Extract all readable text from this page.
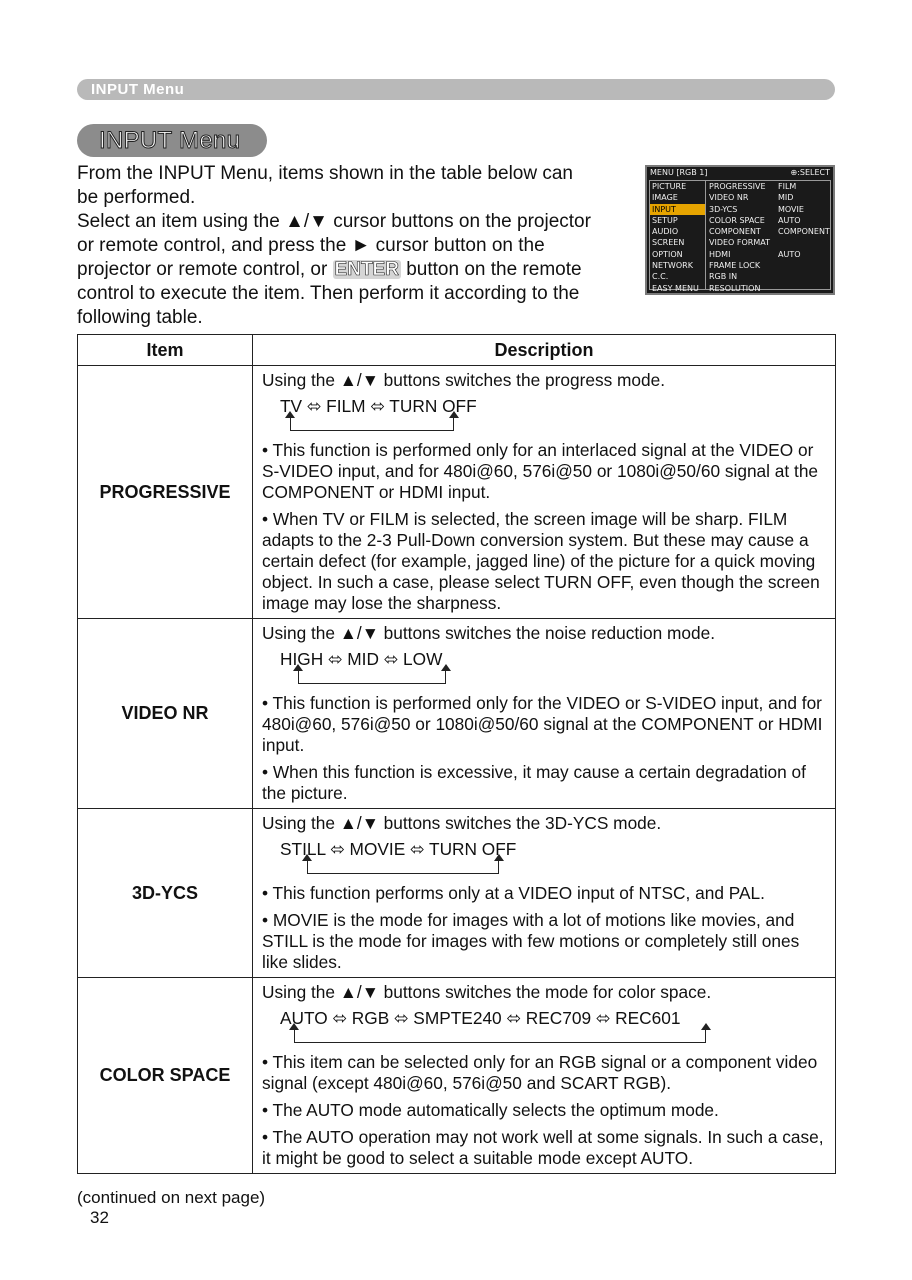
INPUT Menu
INPUT Menu
From the INPUT Menu, items shown in the table below can be performed.
Select an item using the ▲/▼ cursor buttons on the projector or remote control, and press the ► cursor button on the projector or remote control, or ENTER button on the remote control to execute the item. Then perform it according to the following table.
MENU [RGB 1]	⊕:SELECT
PICTURE
IMAGE
INPUT
SETUP
AUDIO
SCREEN
OPTION
NETWORK
C.C.
EASY MENU
PROGRESSIVE FILM
VIDEO NR	MID
3D-YCS	MOVIE
COLOR SPACE AUTO
COMPONENT COMPONENT
VIDEO FORMAT
HDMI	AUTO
FRAME LOCK
RGB IN
RESOLUTION
Item	Description
PROGRESSIVE	Using the ▲/▼ buttons switches the progress mode.

TV ⬄ FILM ⬄ TURN OFF

• This function is performed only for an interlaced signal at the VIDEO or S-VIDEO input, and for 480i@60, 576i@50 or 1080i@50/60 signal at the COMPONENT or HDMI input.

• When TV or FILM is selected, the screen image will be sharp. FILM adapts to the 2-3 Pull-Down conversion system. But these may cause a certain defect (for example, jagged line) of the picture for a quick moving object. In such a case, please select TURN OFF, even though the screen image may lose the sharpness.

VIDEO NR	Using the ▲/▼ buttons switches the noise reduction mode.

HIGH ⬄ MID ⬄ LOW

• This function is performed only for the VIDEO or S-VIDEO input, and for 480i@60, 576i@50 or 1080i@50/60 signal at the COMPONENT or HDMI input.

• When this function is excessive, it may cause a certain degradation of the picture.

3D-YCS	Using the ▲/▼ buttons switches the 3D-YCS mode.

STILL ⬄ MOVIE ⬄ TURN OFF

• This function performs only at a VIDEO input of NTSC, and PAL.

• MOVIE is the mode for images with a lot of motions like movies, and STILL is the mode for images with few motions or completely still ones like slides.

COLOR SPACE	Using the ▲/▼ buttons switches the mode for color space.

AUTO ⬄ RGB ⬄ SMPTE240 ⬄ REC709 ⬄ REC601

• This item can be selected only for an RGB signal or a component video signal (except 480i@60, 576i@50 and SCART RGB).

• The AUTO mode automatically selects the optimum mode.

• The AUTO operation may not work well at some signals. In such a case, it might be good to select a suitable mode except AUTO.

(continued on next page)
32
